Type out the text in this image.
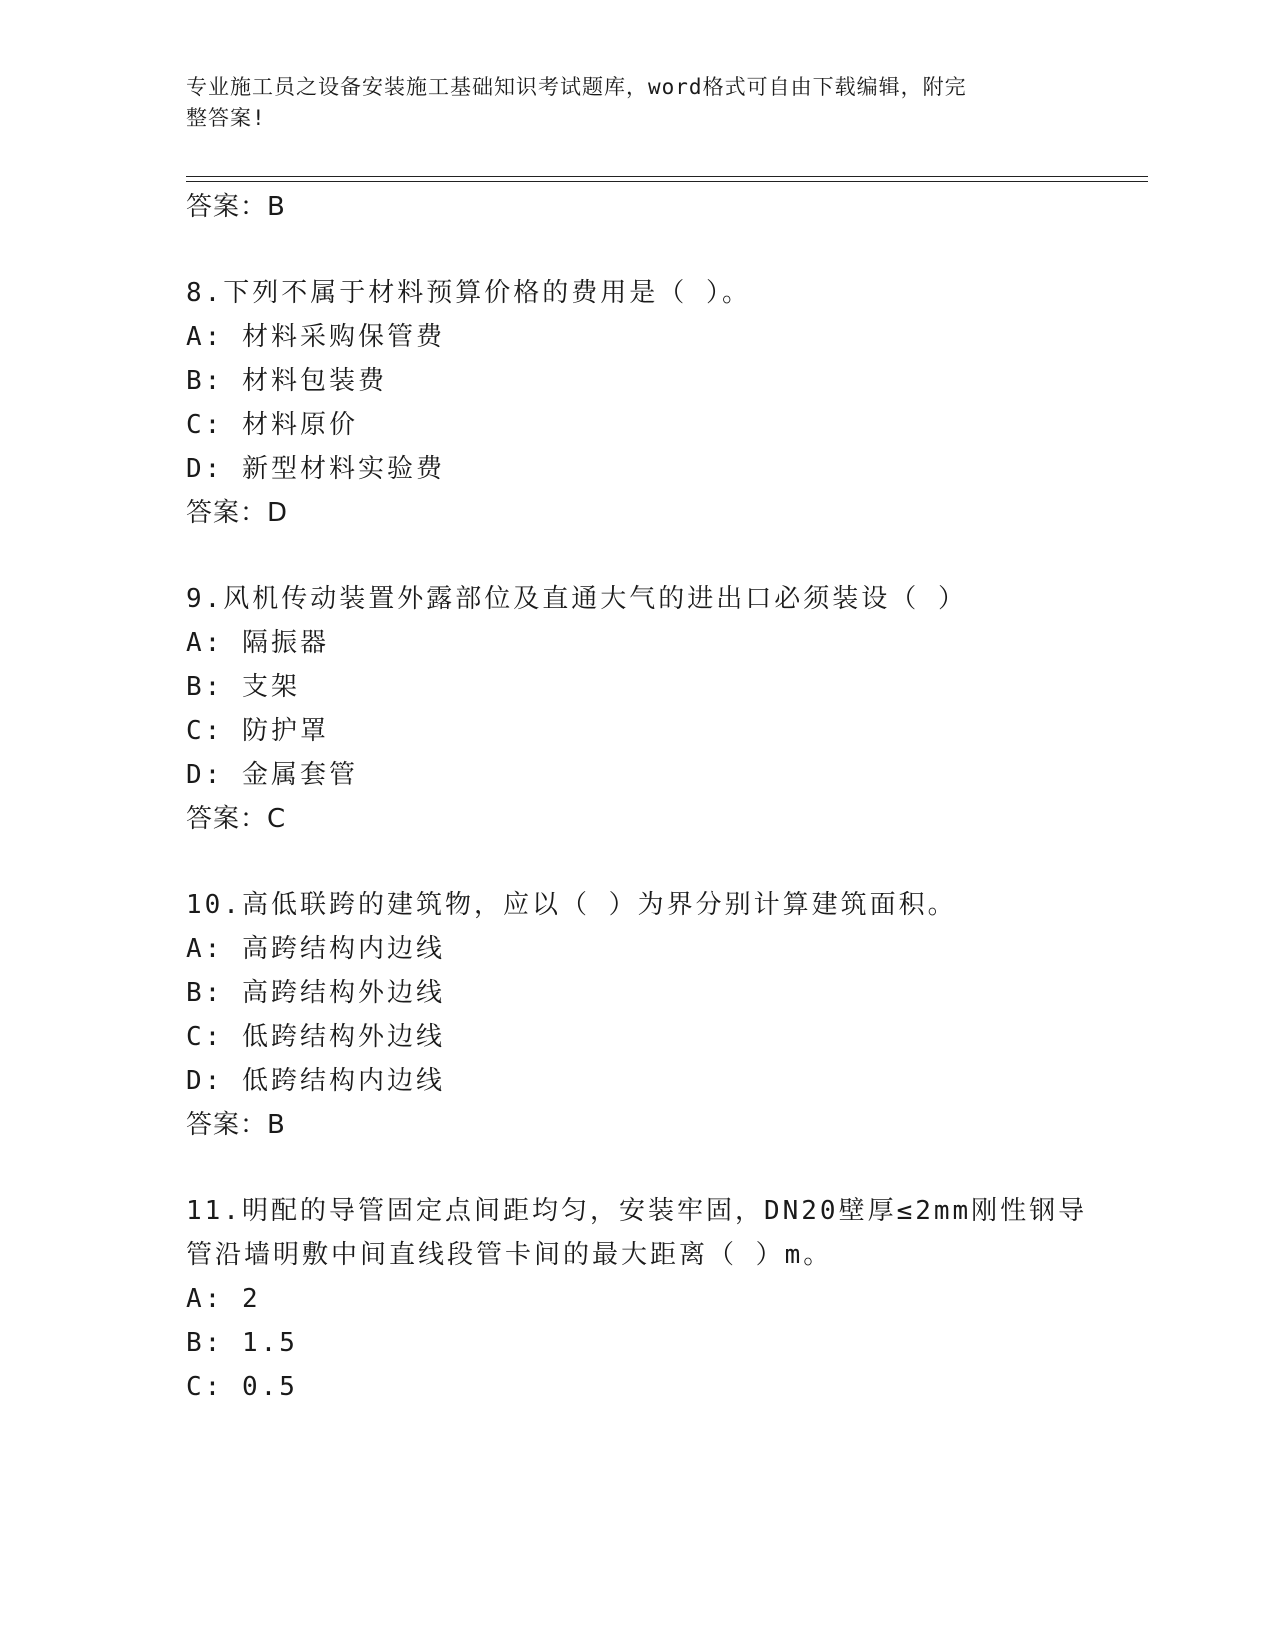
专业施工员之设备安装施工基础知识考试题库，word格式可自由下载编辑，附完
整答案!
答案：B
8.下列不属于材料预算价格的费用是（ ）。
A: 材料采购保管费
B: 材料包装费
C: 材料原价
D: 新型材料实验费
答案：D
9.风机传动装置外露部位及直通大气的进出口必须装设（ ）
A: 隔振器
B: 支架
C: 防护罩
D: 金属套管
答案：C
10.高低联跨的建筑物，应以（ ）为界分别计算建筑面积。
A: 高跨结构内边线
B: 高跨结构外边线
C: 低跨结构外边线
D: 低跨结构内边线
答案：B
11.明配的导管固定点间距均匀，安装牢固，DN20壁厚≤2mm刚性钢导
管沿墙明敷中间直线段管卡间的最大距离（ ）m。
A: 2
B: 1.5
C: 0.5
